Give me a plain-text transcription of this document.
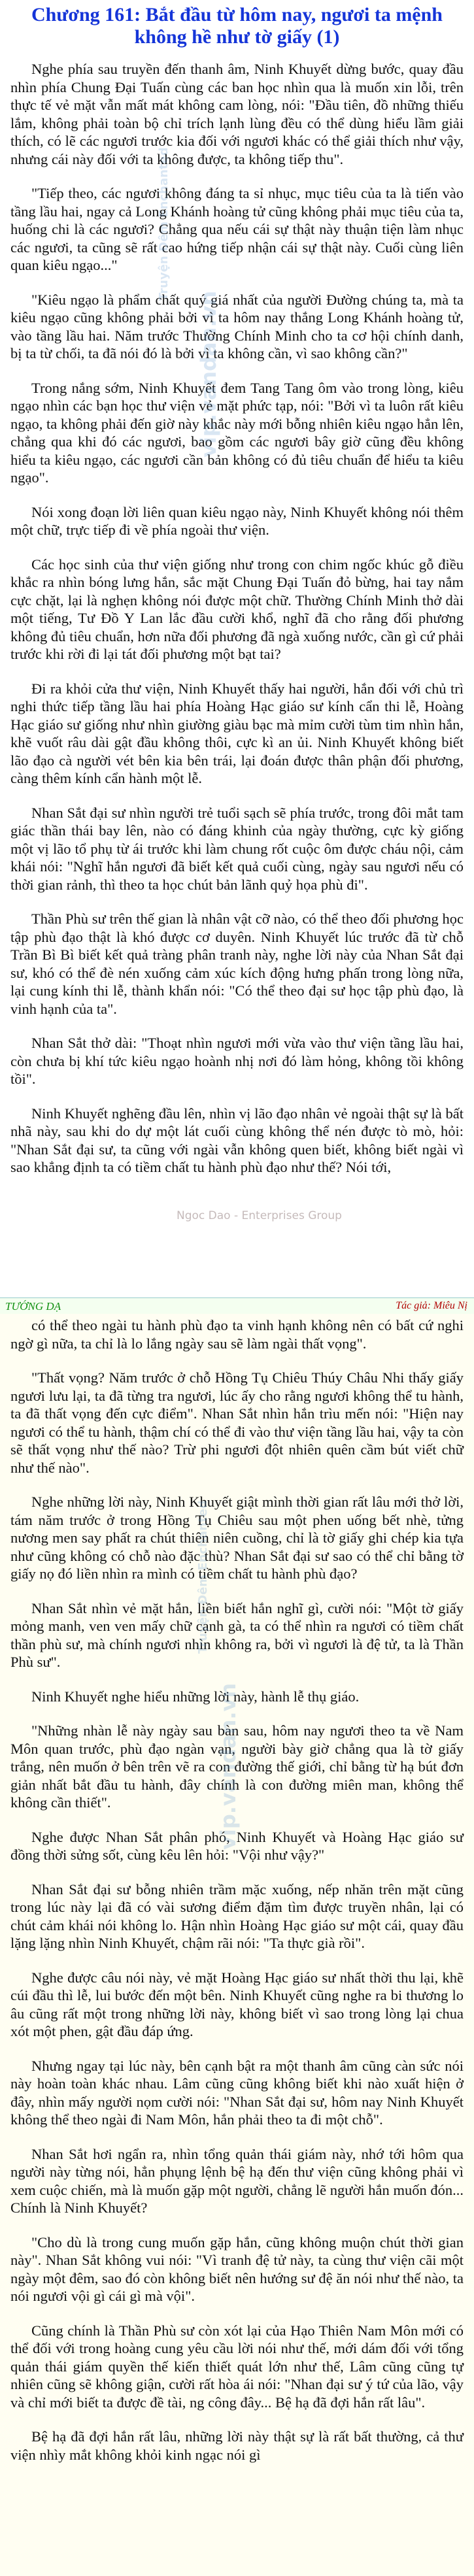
Chương 161: Bắt đầu từ hôm nay, ngươi ta mệnh không hề như tờ giấy (1)

Nghe phía sau truyền đến thanh âm, Ninh Khuyết dừng bước, quay đầu nhìn phía Chung Đại Tuấn cùng các ban học nhìn qua là muốn xin lỗi, trên thực tế vẻ mặt vẫn mất mát không cam lòng, nói: "Đầu tiên, đồ những thiếu lắm, không phải toàn bộ chỉ trích lạnh lùng đều có thể dùng hiểu lầm giải thích, có lẽ các ngươi trước kia đối với ngươi khác có thể giải thích như vậy, nhưng cái này đối với ta không được, ta không tiếp thu".

"Tiếp theo, các ngươi không đáng ta sỉ nhục, mục tiêu của ta là tiến vào tầng lầu hai, ngay cả Long Khánh hoàng tử cũng không phải mục tiêu của ta, huống chi là các ngươi? Chẳng qua nếu cái sự thật này thuận tiện làm nhục các ngươi, ta cũng sẽ rất cao hứng tiếp nhận cái sự thật này. Cuối cùng liên quan kiêu ngạo..."

"Kiêu ngạo là phẩm chất quý giá nhất của người Đường chúng ta, mà ta kiêu ngạo cũng không phải bởi vì ta hôm nay thắng Long Khánh hoàng tử, vào tầng lầu hai. Năm trước Thường Chính Minh cho ta cơ hội chính danh, bị ta từ chối, ta đã nói đó là bởi vì ta không cần, vì sao không cần?"

Trong nắng sớm, Ninh Khuyết đem Tang Tang ôm vào trong lòng, kiêu ngạo nhìn các bạn học thư viện vẻ mặt phức tạp, nói: "Bởi vì ta luôn rất kiêu ngạo, ta không phải đến giờ này khắc này mới bỗng nhiên kiêu ngạo hẳn lên, chẳng qua khi đó các ngươi, bao gồm các ngươi bây giờ cũng đều không hiểu ta kiêu ngạo, các ngươi cần bản không có đủ tiêu chuẩn để hiểu ta kiêu ngạo".

Nói xong đoạn lời liên quan kiêu ngạo này, Ninh Khuyết không nói thêm một chữ, trực tiếp đi về phía ngoài thư viện.

Các học sinh của thư viện giống như trong con chim ngốc khúc gỗ điều khắc ra nhìn bóng lưng hắn, sắc mặt Chung Đại Tuấn đỏ bừng, hai tay nắm cực chặt, lại là nghẹn không nói được một chữ. Thường Chính Minh thở dài một tiếng, Tư Đồ Y Lan lắc đầu cười khổ, nghĩ đã cho rằng đối phương không đủ tiêu chuẩn, hơn nữa đối phương đã ngà xuống nước, cần gì cứ phải trước khi rời đi lại tát đối phương một bạt tai?

Đi ra khỏi cửa thư viện, Ninh Khuyết thấy hai người, hắn đối với chủ trì nghi thức tiếp tầng lầu hai phía Hoàng Hạc giáo sư kính cẩn thi lễ, Hoàng Hạc giáo sư giống như nhìn giường giàu bạc mà mỉm cười tùm tim nhìn hắn, khẽ vuốt râu dài gật đầu không thôi, cực kì an ủi. Ninh Khuyết không biết lão đạo cà người vét bên kia bên trái, lại đoán được thân phận đối phương, càng thêm kính cẩn hành một lễ.

Nhan Sắt đại sư nhìn người trẻ tuổi sạch sẽ phía trước, trong đôi mắt tam giác thần thái bay lên, nào có đáng khinh của ngày thường, cực kỳ giống một vị lão tổ phụ từ ái trước khi làm chung rốt cuộc ôm được cháu nội, cảm khái nói: "Nghĩ hắn ngươi đã biết kết quả cuối cùng, ngày sau ngươi nếu có thời gian rảnh, thì theo ta học chút bản lãnh quỷ họa phù đi".

Thần Phù sư trên thế gian là nhân vật cỡ nào, có thể theo đối phương học tập phù đạo thật là khó được cơ duyên. Ninh Khuyết lúc trước đã từ chỗ Trần Bì Bì biết kết quả tràng phân tranh này, nghe lời này của Nhan Sắt đại sư, khó có thể đè nén xuống cảm xúc kích động hưng phấn trong lòng nữa, lại cung kính thi lễ, thành khẩn nói: "Có thể theo đại sư học tập phù đạo, là vinh hạnh của ta".

Nhan Sắt thở dài: "Thoạt nhìn ngươi mới vừa vào thư viện tầng lầu hai, còn chưa bị khí tức kiêu ngạo hoành nhị nơi đó làm hỏng, không tồi không tồi".

Ninh Khuyết nghẽng đầu lên, nhìn vị lão đạo nhân vẻ ngoài thật sự là bất nhã này, sau khi do dự một lát cuối cùng không thể nén được tò mò, hỏi: "Nhan Sắt đại sư, ta cũng với ngài vẫn không quen biết, không biết ngài vì sao khẳng định ta có tiềm chất tu hành phù đạo như thế? Nói tới,

vip.vandan.vn
Truyện Đêm Enchanted
Ngoc Dao - Enterprises Group
TƯỚNG DẠ	Tác giả: Miêu Nị

có thể theo ngài tu hành phù đạo ta vinh hạnh không nên có bất cứ nghi ngờ gì nữa, ta chỉ là lo lắng ngày sau sẽ làm ngài thất vọng".

"Thất vọng? Năm trước ở chỗ Hồng Tụ Chiêu Thúy Châu Nhi thấy giấy ngươi lưu lại, ta đã từng tra ngươi, lúc ấy cho rằng ngươi không thể tu hành, ta đã thất vọng đến cực điểm". Nhan Sắt nhìn hắn trìu mến nói: "Hiện nay ngươi có thể tu hành, thậm chí có thể đi vào thư viện tầng lầu hai, vậy ta còn sẽ thất vọng như thế nào? Trừ phi ngươi đột nhiên quên cầm bút viết chữ như thế nào".

Nghe những lời này, Ninh Khuyết giật mình thời gian rất lâu mới thở lời, tám năm trước ở trong Hồng Tụ Chiêu sau một phen uống bết nhè, tửng nương men say phất ra chút thiên niên cuồng, chỉ là tờ giấy ghi chép kia tựa như cũng không có chỗ nào đặc thù? Nhan Sắt đại sư sao có thể chỉ bằng tờ giấy nọ đó liền nhìn ra mình có tiềm chất tu hành phù đạo?

Nhan Sắt nhìn vẻ mặt hắn, liền biết hắn nghĩ gì, cười nói: "Một tờ giấy mỏng manh, ven ven mấy chữ cạnh gà, ta có thể nhìn ra ngươi có tiềm chất thần phù sư, mà chính ngươi nhìn không ra, bởi vì ngươi là đệ tử, ta là Thần Phù sư".

Ninh Khuyết nghe hiểu những lời này, hành lễ thụ giáo.

"Những nhàn lễ này ngày sau bàn sau, hôm nay ngươi theo ta về Nam Môn quan trước, phù đạo ngàn vạn, người bày giờ chẳng qua là tờ giấy trắng, nên muốn ở bên trên vẽ ra con đường thế giới, chỉ bằng từ hạ bút đơn giản nhất bắt đầu tu hành, đây chính là con đường miên man, không thể không cần thiết".

Nghe được Nhan Sắt phân phó, Ninh Khuyết và Hoàng Hạc giáo sư đồng thời sửng sốt, cùng kêu lên hỏi: "Vội như vậy?"

Nhan Sắt đại sư bỗng nhiên trầm mặc xuống, nếp nhăn trên mặt cũng trong lúc này lại đã có vài sương điểm đặm tìm được truyền nhân, lại có chút cảm khái nói không lo. Hận nhìn Hoàng Hạc giáo sư một cái, quay đầu lặng lặng nhìn Ninh Khuyết, chậm rãi nói: "Ta thực già rồi".

Nghe được câu nói này, vẻ mặt Hoàng Hạc giáo sư nhất thời thu lại, khẽ cúi đầu thì lễ, lui bước đến một bên. Ninh Khuyết cũng nghe ra bi thương lo âu cũng rất một trong những lời này, không biết vì sao trong lòng lại chua xót một phen, gật đầu đáp ứng.

Nhưng ngay tại lúc này, bên cạnh bật ra một thanh âm cũng càn sức nói này hoàn toàn khác nhau. Lâm cũng cũng không biết khi nào xuất hiện ở đây, nhìn mấy người nọm cười nói: "Nhan Sắt đại sư, hôm nay Ninh Khuyết không thể theo ngài đi Nam Môn, hắn phải theo ta đi một chỗ".

Nhan Sắt hơi ngẩn ra, nhìn tổng quản thái giám này, nhớ tới hôm qua người này từng nói, hẳn phụng lệnh bệ hạ đến thư viện cũng không phải vì xem cuộc chiến, mà là muốn gặp một người, chẳng lẽ người hắn muốn đón... Chính là Ninh Khuyết?

"Cho dù là trong cung muốn gặp hắn, cũng không muộn chút thời gian này". Nhan Sắt không vui nói: "Vì tranh đệ tử này, ta cùng thư viện cãi một ngày một đêm, sao đó còn không biết nên hướng sư đệ ăn nói như thế nào, ta nói ngươi vội gì cái gì mà vội".

Cũng chính là Thần Phù sư còn xót lại của Hạo Thiên Nam Môn mới có thể đối với trong hoàng cung yêu cầu lời nói như thế, mới dám đối với tổng quản thái giám quyền thế kiến thiết quát lớn như thế, Lâm cũng cũng tự nhiên cũng sẽ không giận, cười rất hòa ái nói: "Nhan đại sư ý tứ của lão, vậy và chỉ mới biết ta được đề tài, ng công đây... Bệ hạ đã đợi hắn rất lâu".

Bệ hạ đã đợi hắn rất lâu, những lời này thật sự là rất bất thường, cả thư viện nhìy mắt không khỏi kinh ngạc nói gì

vip.vandan.vn
Truyện Đêm Enchanted
